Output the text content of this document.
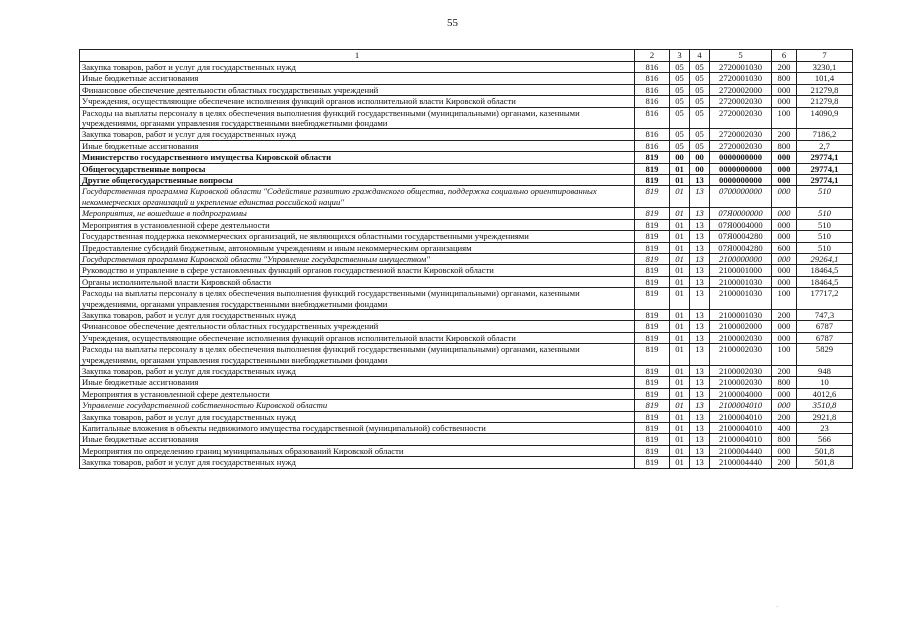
55
1	2	3	4	5	6	7
Закупка товаров, работ и услуг для государственных нужд	816	05	05	2720001030	200	3230,1
Иные бюджетные ассигнования	816	05	05	2720001030	800	101,4
Финансовое обеспечение деятельности областных государственных учреждений	816	05	05	2720002000	000	21279,8
Учреждения, осуществляющие обеспечение исполнения функций органов исполнительной власти Кировской области	816	05	05	2720002030	000	21279,8
Расходы на выплаты персоналу в целях обеспечения выполнения функций государственными (муниципальными) органами, казенными учреждениями, органами управления государственными внебюджетными фондами	816	05	05	2720002030	100	14090,9
Закупка товаров, работ и услуг для государственных нужд	816	05	05	2720002030	200	7186,2
Иные бюджетные ассигнования	816	05	05	2720002030	800	2,7
Министерство государственного имущества Кировской области	819	00	00	0000000000	000	29774,1
Общегосударственные вопросы	819	01	00	0000000000	000	29774,1
Другие общегосударственные вопросы	819	01	13	0000000000	000	29774,1
Государственная программа Кировской области "Содействие развитию гражданского общества, поддержка социально ориентированных некоммерческих организаций и укрепление единства российской нации"	819	01	13	0700000000	000	510
Мероприятия, не вошедшие в подпрограммы	819	01	13	07Я0000000	000	510
Мероприятия в установленной сфере деятельности	819	01	13	07Я0004000	000	510
Государственная поддержка некоммерческих организаций, не являющихся областными государственными учреждениями	819	01	13	07Я0004280	000	510
Предоставление субсидий бюджетным, автономным учреждениям и иным некоммерческим организациям	819	01	13	07Я0004280	600	510
Государственная программа Кировской области "Управление государственным имуществом"	819	01	13	2100000000	000	29264,1
Руководство и управление в сфере установленных функций органов государственной власти Кировской области	819	01	13	2100001000	000	18464,5
Органы исполнительной власти Кировской области	819	01	13	2100001030	000	18464,5
Расходы на выплаты персоналу в целях обеспечения выполнения функций государственными (муниципальными) органами, казенными учреждениями, органами управления государственными внебюджетными фондами	819	01	13	2100001030	100	17717,2
Закупка товаров, работ и услуг для государственных нужд	819	01	13	2100001030	200	747,3
Финансовое обеспечение деятельности областных государственных учреждений	819	01	13	2100002000	000	6787
Учреждения, осуществляющие обеспечение исполнения функций органов исполнительной власти Кировской области	819	01	13	2100002030	000	6787
Расходы на выплаты персоналу в целях обеспечения выполнения функций государственными (муниципальными) органами, казенными учреждениями, органами управления государственными внебюджетными фондами	819	01	13	2100002030	100	5829
Закупка товаров, работ и услуг для государственных нужд	819	01	13	2100002030	200	948
Иные бюджетные ассигнования	819	01	13	2100002030	800	10
Мероприятия в установленной сфере деятельности	819	01	13	2100004000	000	4012,6
Управление государственной собственностью Кировской области	819	01	13	2100004010	000	3510,8
Закупка товаров, работ и услуг для государственных нужд	819	01	13	2100004010	200	2921,8
Капитальные вложения в объекты недвижимого имущества государственной (муниципальной) собственности	819	01	13	2100004010	400	23
Иные бюджетные ассигнования	819	01	13	2100004010	800	566
Мероприятия по определению границ муниципальных образований Кировской области	819	01	13	2100004440	000	501,8
Закупка товаров, работ и услуг для государственных нужд	819	01	13	2100004440	200	501,8
·
